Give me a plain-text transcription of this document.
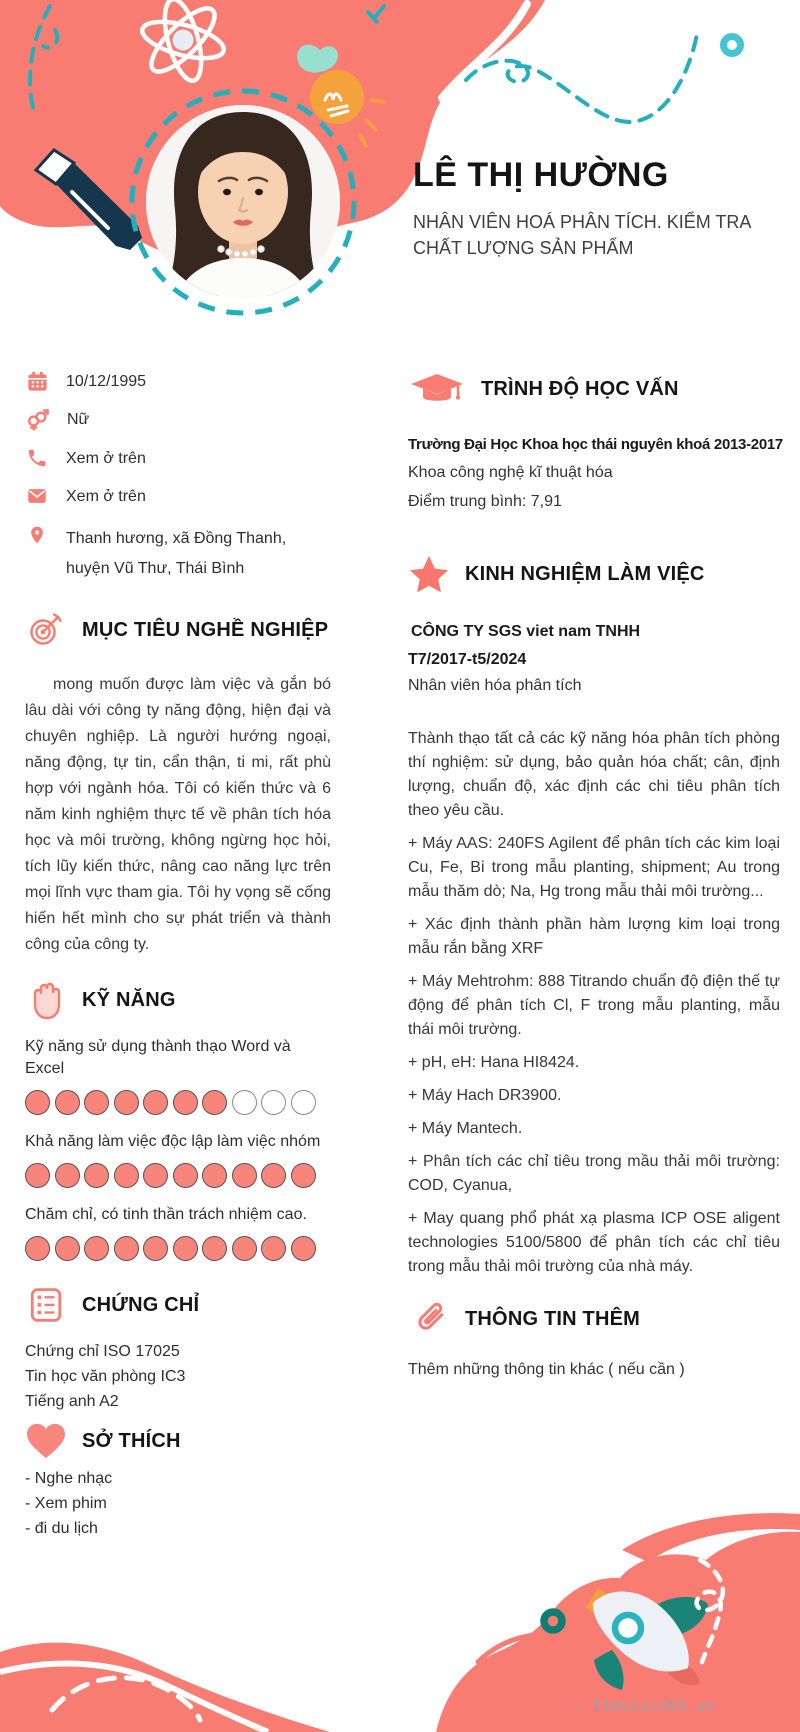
LÊ THỊ HƯỜNG
NHÂN VIÊN HOÁ PHÂN TÍCH. KIỂM TRA CHẤT LƯỢNG SẢN PHẨM
10/12/1995
Nữ
Xem ở trên
Xem ở trên
Thanh hương, xã Đồng Thanh, huyện Vũ Thư, Thái Bình
MỤC TIÊU NGHỀ NGHIỆP

mong muốn được làm việc và gắn bó lâu dài với công ty năng động, hiện đại và chuyên nghiệp. Là người hướng ngoại, năng động, tự tin, cẩn thận, ti mi, rất phù hợp với ngành hóa. Tôi có kiến thức và 6 năm kinh nghiệm thực tế về phân tích hóa học và môi trường, không ngừng học hỏi, tích lũy kiến thức, nâng cao năng lực trên mọi lĩnh vực tham gia. Tôi hy vọng sẽ cống hiến hết mình cho sự phát triển và thành công của công ty.

KỸ NĂNG
Kỹ năng sử dụng thành thạo Word và Excel
Khả năng làm việc độc lập làm việc nhóm
Chăm chỉ, có tinh thần trách nhiệm cao.
CHỨNG CHỈ
Chứng chỉ ISO 17025
Tin học văn phòng IC3
Tiếng anh A2
SỞ THÍCH
- Nghe nhạc
- Xem phim
- đi du lịch
TRÌNH ĐỘ HỌC VẤN
Trường Đại Học Khoa học thái nguyên khoá 2013-2017
Khoa công nghệ kĩ thuật hóa
Điểm trung bình: 7,91
KINH NGHIỆM LÀM VIỆC
CÔNG TY SGS viet nam TNHH
T7/2017-t5/2024
Nhân viên hóa phân tích

Thành thạo tất cả các kỹ năng hóa phân tích phòng thí nghiệm: sử dụng, bảo quản hóa chất; cân, định lượng, chuẩn độ, xác định các chi tiêu phân tích theo yêu cầu.

+ Máy AAS: 240FS Agilent để phân tích các kim loại Cu, Fe, Bi trong mẫu planting, shipment; Au trong mẫu thăm dò; Na, Hg trong mẫu thải môi trường...

+ Xác định thành phần hàm lượng kim loại trong mẫu rắn bằng XRF

+ Máy Mehtrohm: 888 Titrando chuẩn độ điện thế tự động để phân tích Cl, F trong mẫu planting, mẫu thái môi trường.

+ pH, eH: Hana HI8424.

+ Máy Hach DR3900.

+ Máy Mantech.

+ Phân tích các chỉ tiêu trong mầu thải môi trường: COD, Cyanua,

+ May quang phổ phát xạ plasma ICP OSE aligent technologies 5100/5800 để phân tích các chỉ tiêu trong mẫu thải môi trường của nhà máy.

THÔNG TIN THÊM

Thêm những thông tin khác ( nếu cần )

∴ Timviec365.vn
